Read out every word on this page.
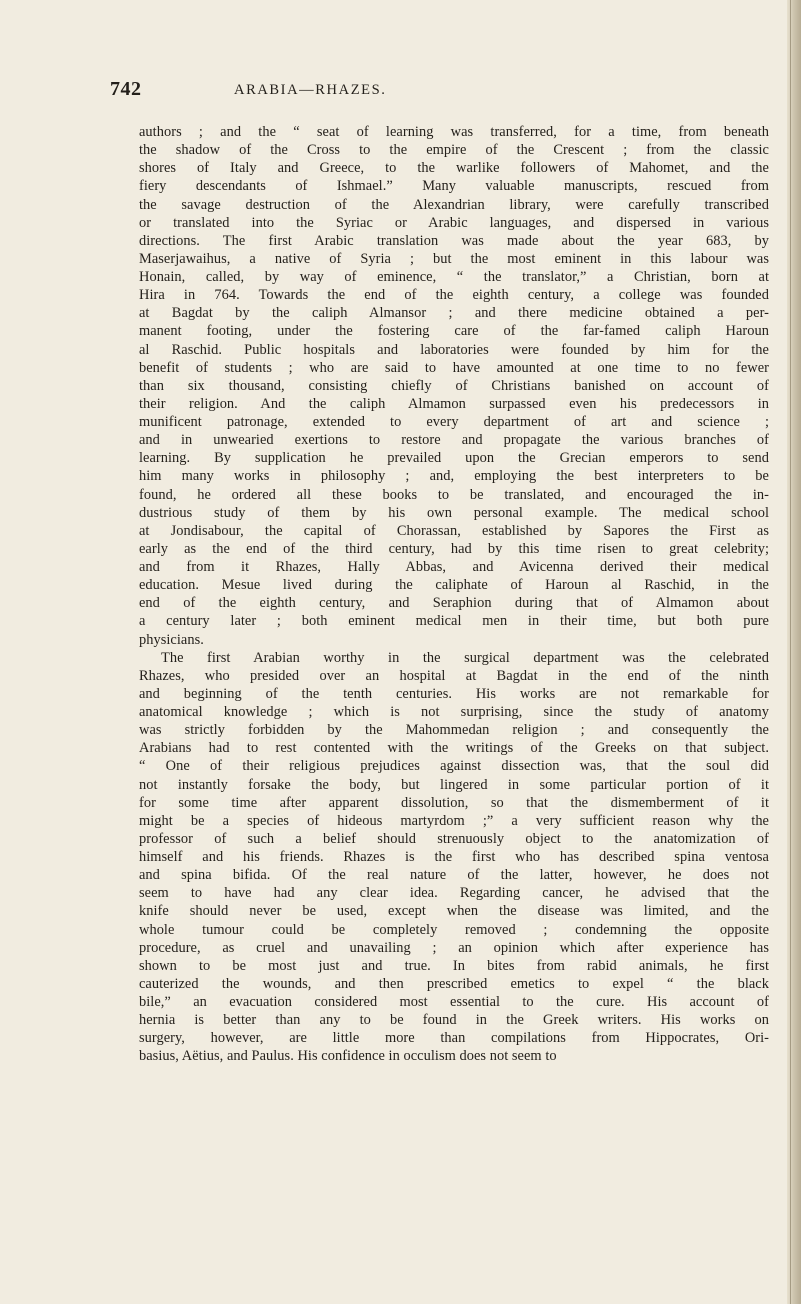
742	ARABIA—RHAZES.

authors ; and the “ seat of learning was transferred, for a time, from beneath

the shadow of the Cross to the empire of the Crescent ; from the classic

shores of Italy and Greece, to the warlike followers of Mahomet, and the

fiery descendants of Ishmael.” Many valuable manuscripts, rescued from

the savage destruction of the Alexandrian library, were carefully transcribed

or translated into the Syriac or Arabic languages, and dispersed in various

directions. The first Arabic translation was made about the year 683, by

Maserjawaihus, a native of Syria ; but the most eminent in this labour was

Honain, called, by way of eminence, “ the translator,” a Christian, born at

Hira in 764. Towards the end of the eighth century, a college was founded

at Bagdat by the caliph Almansor ; and there medicine obtained a per-

manent footing, under the fostering care of the far-famed caliph Haroun

al Raschid. Public hospitals and laboratories were founded by him for the

benefit of students ; who are said to have amounted at one time to no fewer

than six thousand, consisting chiefly of Christians banished on account of

their religion. And the caliph Almamon surpassed even his predecessors in

munificent patronage, extended to every department of art and science ;

and in unwearied exertions to restore and propagate the various branches of

learning. By supplication he prevailed upon the Grecian emperors to send

him many works in philosophy ; and, employing the best interpreters to be

found, he ordered all these books to be translated, and encouraged the in-

dustrious study of them by his own personal example. The medical school

at Jondisabour, the capital of Chorassan, established by Sapores the First as

early as the end of the third century, had by this time risen to great celebrity;

and from it Rhazes, Hally Abbas, and Avicenna derived their medical

education. Mesue lived during the caliphate of Haroun al Raschid, in the

end of the eighth century, and Seraphion during that of Almamon about

a century later ; both eminent medical men in their time, but both pure

physicians.

The first Arabian worthy in the surgical department was the celebrated

Rhazes, who presided over an hospital at Bagdat in the end of the ninth

and beginning of the tenth centuries. His works are not remarkable for

anatomical knowledge ; which is not surprising, since the study of anatomy

was strictly forbidden by the Mahommedan religion ; and consequently the

Arabians had to rest contented with the writings of the Greeks on that subject.

“ One of their religious prejudices against dissection was, that the soul did

not instantly forsake the body, but lingered in some particular portion of it

for some time after apparent dissolution, so that the dismemberment of it

might be a species of hideous martyrdom ;” a very sufficient reason why the

professor of such a belief should strenuously object to the anatomization of

himself and his friends. Rhazes is the first who has described spina ventosa

and spina bifida. Of the real nature of the latter, however, he does not

seem to have had any clear idea. Regarding cancer, he advised that the

knife should never be used, except when the disease was limited, and the

whole tumour could be completely removed ; condemning the opposite

procedure, as cruel and unavailing ; an opinion which after experience has

shown to be most just and true. In bites from rabid animals, he first

cauterized the wounds, and then prescribed emetics to expel “ the black

bile,” an evacuation considered most essential to the cure. His account of

hernia is better than any to be found in the Greek writers. His works on

surgery, however, are little more than compilations from Hippocrates, Ori-

basius, Aëtius, and Paulus. His confidence in occulism does not seem to
